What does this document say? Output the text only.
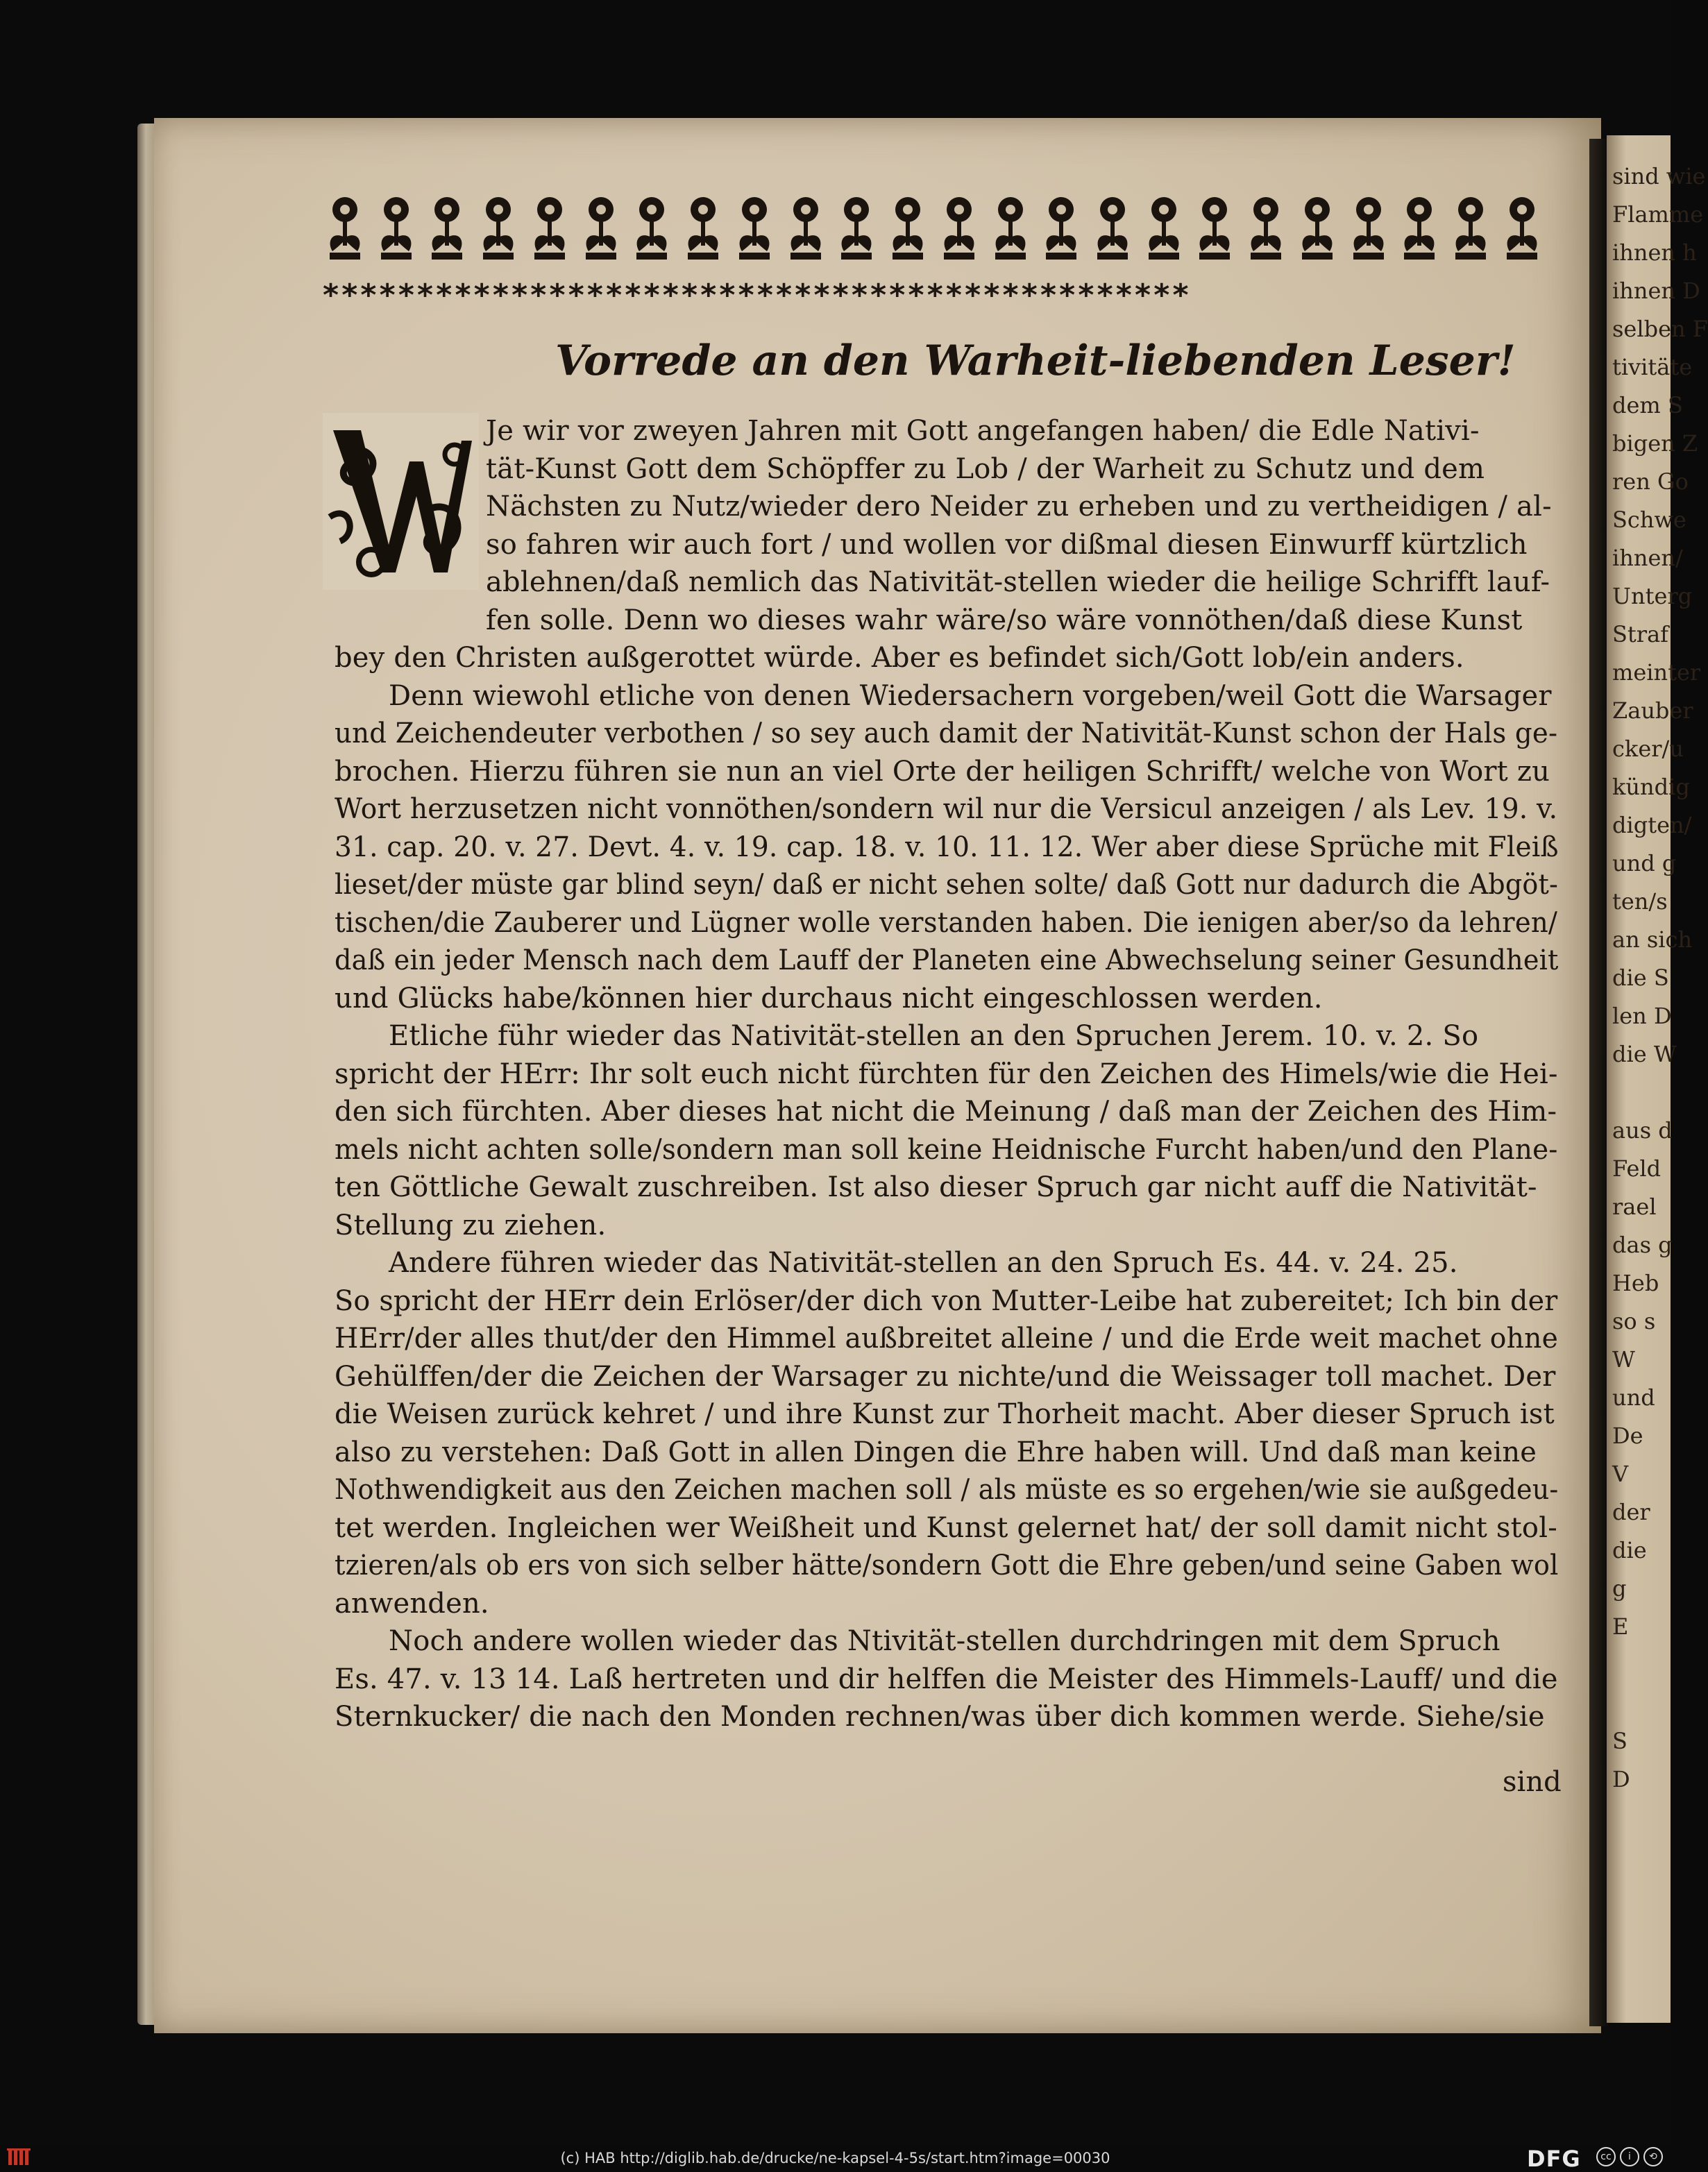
sind wie
Flamme
ihnen h
ihnen D
selben F
tivitäte
dem S
bigen Z
ren Go
Schwe
ihnen/
Unterg
Straf
meinter
Zauber
cker/u
kündig
digten/
und g
ten/s
an sich
die S
len D
die W
aus d
Feld
rael
das g
Heb
so s
W
und
De
V
der
die
g
E
S
D
**********************************************
Vorrede an den Warheit-liebenden Leser!
Je wir vor zweyen Jahren mit Gott angefangen haben/ die Edle Nativi-
tät-Kunst Gott dem Schöpffer zu Lob / der Warheit zu Schutz und dem
Nächsten zu Nutz/wieder dero Neider zu erheben und zu vertheidigen / al-
so fahren wir auch fort / und wollen vor dißmal diesen Einwurff kürtzlich
ablehnen/daß nemlich das Nativität-stellen wieder die heilige Schrifft lauf-
fen solle. Denn wo dieses wahr wäre/so wäre vonnöthen/daß diese Kunst
bey den Christen außgerottet würde. Aber es befindet sich/Gott lob/ein anders.
Denn wiewohl etliche von denen Wiedersachern vorgeben/weil Gott die Warsager
und Zeichendeuter verbothen / so sey auch damit der Nativität-Kunst schon der Hals ge-
brochen. Hierzu führen sie nun an viel Orte der heiligen Schrifft/ welche von Wort zu
Wort herzusetzen nicht vonnöthen/sondern wil nur die Versicul anzeigen / als Lev. 19. v.
31. cap. 20. v. 27. Devt. 4. v. 19. cap. 18. v. 10. 11. 12. Wer aber diese Sprüche mit Fleiß
lieset/der müste gar blind seyn/ daß er nicht sehen solte/ daß Gott nur dadurch die Abgöt-
tischen/die Zauberer und Lügner wolle verstanden haben. Die ienigen aber/so da lehren/
daß ein jeder Mensch nach dem Lauff der Planeten eine Abwechselung seiner Gesundheit
und Glücks habe/können hier durchaus nicht eingeschlossen werden.
Etliche führ wieder das Nativität-stellen an den Spruchen Jerem. 10. v. 2. So
spricht der HErr: Ihr solt euch nicht fürchten für den Zeichen des Himels/wie die Hei-
den sich fürchten. Aber dieses hat nicht die Meinung / daß man der Zeichen des Him-
mels nicht achten solle/sondern man soll keine Heidnische Furcht haben/und den Plane-
ten Göttliche Gewalt zuschreiben. Ist also dieser Spruch gar nicht auff die Nativität-
Stellung zu ziehen.
Andere führen wieder das Nativität-stellen an den Spruch Es. 44. v. 24. 25.
So spricht der HErr dein Erlöser/der dich von Mutter-Leibe hat zubereitet; Ich bin der
HErr/der alles thut/der den Himmel außbreitet alleine / und die Erde weit machet ohne
Gehülffen/der die Zeichen der Warsager zu nichte/und die Weissager toll machet. Der
die Weisen zurück kehret / und ihre Kunst zur Thorheit macht. Aber dieser Spruch ist
also zu verstehen: Daß Gott in allen Dingen die Ehre haben will. Und daß man keine
Nothwendigkeit aus den Zeichen machen soll / als müste es so ergehen/wie sie außgedeu-
tet werden. Ingleichen wer Weißheit und Kunst gelernet hat/ der soll damit nicht stol-
tzieren/als ob ers von sich selber hätte/sondern Gott die Ehre geben/und seine Gaben wol
anwenden.
Noch andere wollen wieder das Ntivität-stellen durchdringen mit dem Spruch
Es. 47. v. 13 14. Laß hertreten und dir helffen die Meister des Himmels-Lauff/ und die
Sternkucker/ die nach den Monden rechnen/was über dich kommen werde. Siehe/sie
sind
(c) HAB http://diglib.hab.de/drucke/ne-kapsel-4-5s/start.htm?image=00030	DFG	cc	i	⟲
